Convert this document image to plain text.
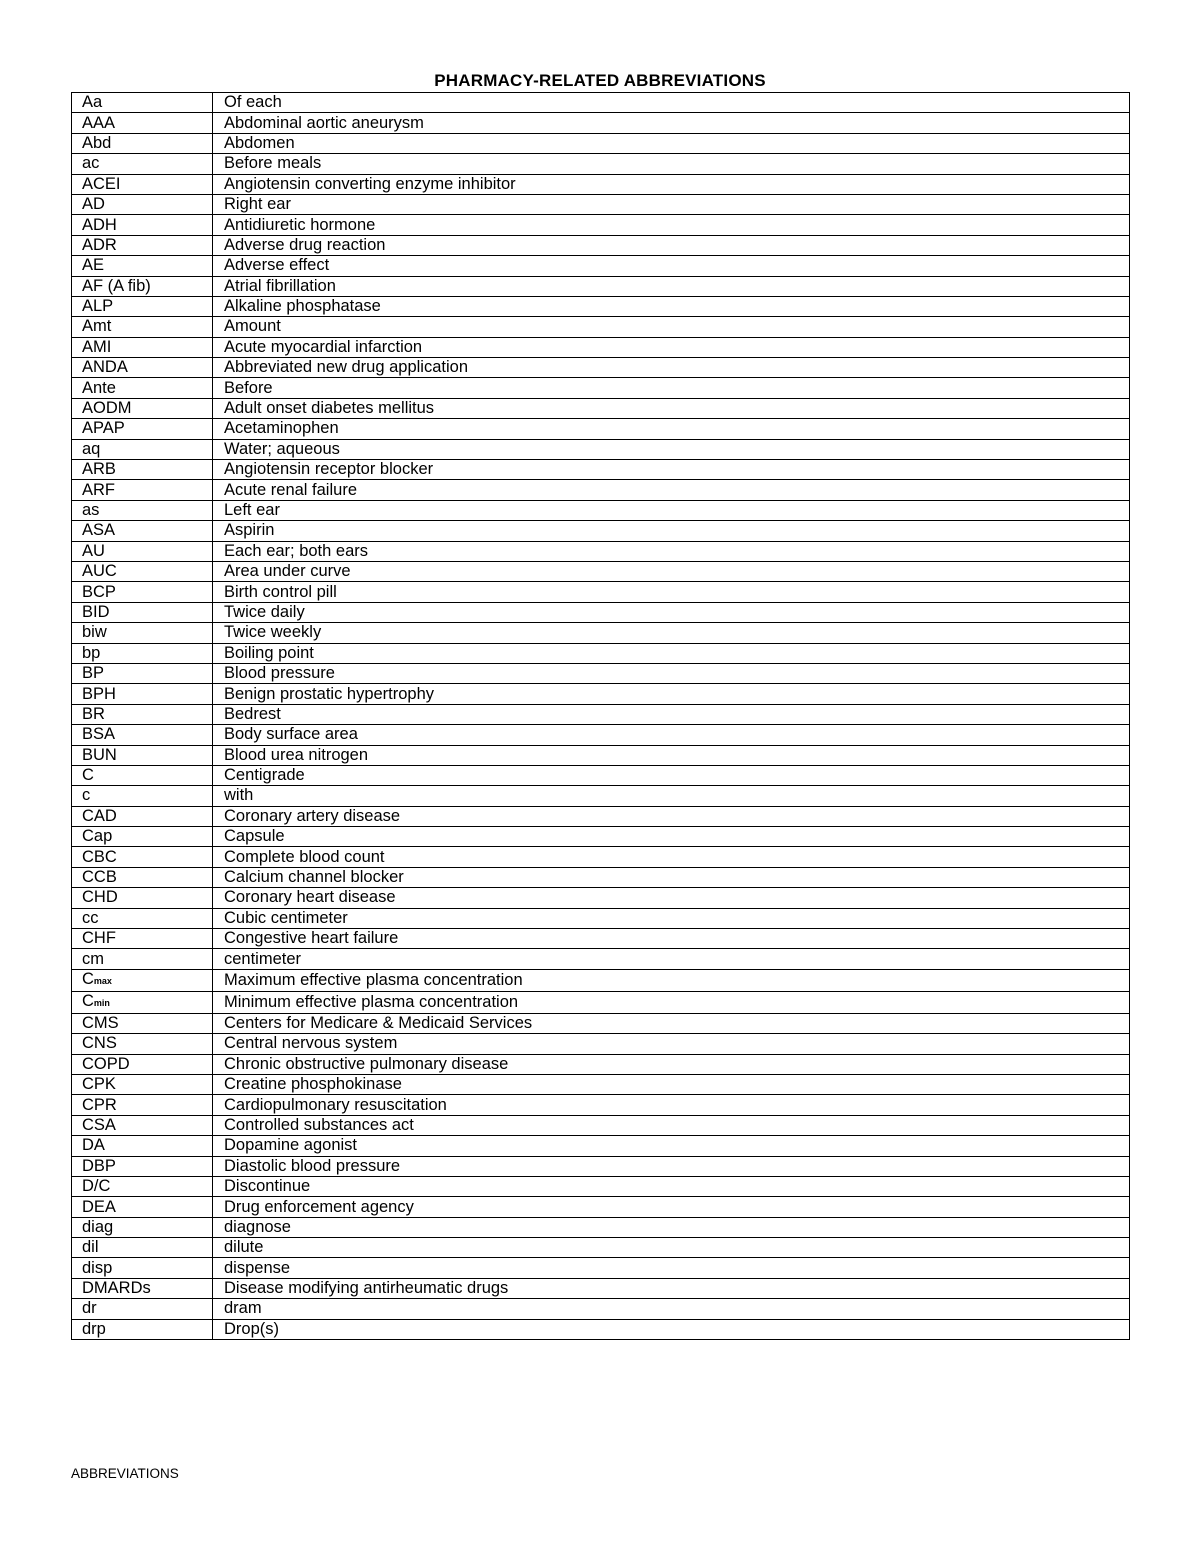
PHARMACY-RELATED ABBREVIATIONS
Aa	Of each
AAA	Abdominal aortic aneurysm
Abd	Abdomen
ac	Before meals
ACEI	Angiotensin converting enzyme inhibitor
AD	Right ear
ADH	Antidiuretic hormone
ADR	Adverse drug reaction
AE	Adverse effect
AF (A fib)	Atrial fibrillation
ALP	Alkaline phosphatase
Amt	Amount
AMI	Acute myocardial infarction
ANDA	Abbreviated new drug application
Ante	Before
AODM	Adult onset diabetes mellitus
APAP	Acetaminophen
aq	Water; aqueous
ARB	Angiotensin receptor blocker
ARF	Acute renal failure
as	Left ear
ASA	Aspirin
AU	Each ear; both ears
AUC	Area under curve
BCP	Birth control pill
BID	Twice daily
biw	Twice weekly
bp	Boiling point
BP	Blood pressure
BPH	Benign prostatic hypertrophy
BR	Bedrest
BSA	Body surface area
BUN	Blood urea nitrogen
C	Centigrade
c	with
CAD	Coronary artery disease
Cap	Capsule
CBC	Complete blood count
CCB	Calcium channel blocker
CHD	Coronary heart disease
cc	Cubic centimeter
CHF	Congestive heart failure
cm	centimeter
Cmax	Maximum effective plasma concentration
Cmin	Minimum effective plasma concentration
CMS	Centers for Medicare & Medicaid Services
CNS	Central nervous system
COPD	Chronic obstructive pulmonary disease
CPK	Creatine phosphokinase
CPR	Cardiopulmonary resuscitation
CSA	Controlled substances act
DA	Dopamine agonist
DBP	Diastolic blood pressure
D/C	Discontinue
DEA	Drug enforcement agency
diag	diagnose
dil	dilute
disp	dispense
DMARDs	Disease modifying antirheumatic drugs
dr	dram
drp	Drop(s)
ABBREVIATIONS
